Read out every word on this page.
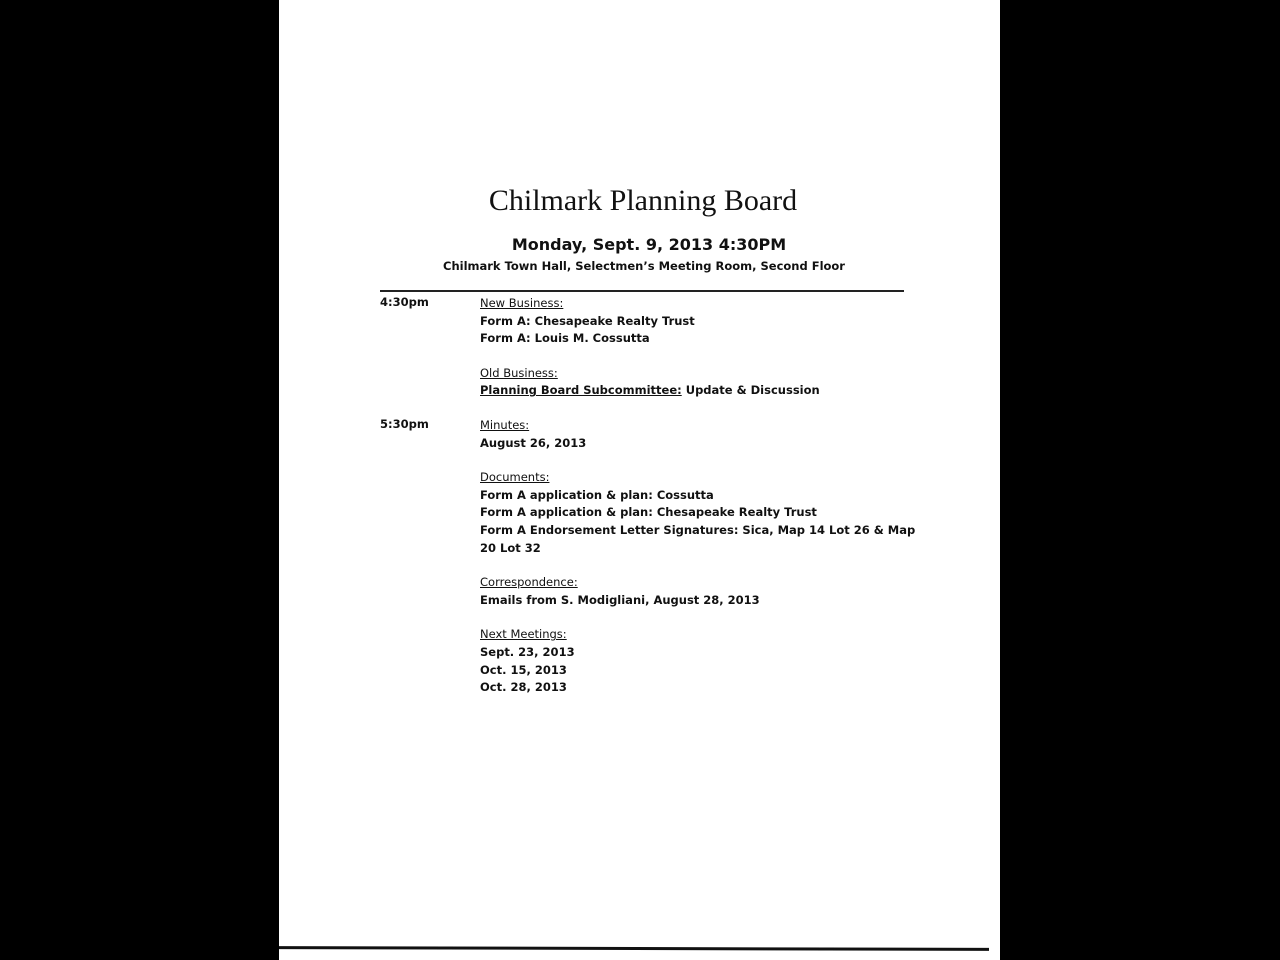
Chilmark Planning Board
Monday, Sept. 9, 2013 4:30PM
Chilmark Town Hall, Selectmen’s Meeting Room, Second Floor
4:30pm	New Business:
Form A: Chesapeake Realty Trust
Form A: Louis M. Cossutta
Old Business:
Planning Board Subcommittee: Update & Discussion
5:30pm	Minutes:
August 26, 2013
Documents:
Form A application & plan: Cossutta
Form A application & plan: Chesapeake Realty Trust
Form A Endorsement Letter Signatures: Sica, Map 14 Lot 26 & Map 20 Lot 32
Correspondence:
Emails from S. Modigliani, August 28, 2013
Next Meetings:
Sept. 23, 2013
Oct. 15, 2013
Oct. 28, 2013
